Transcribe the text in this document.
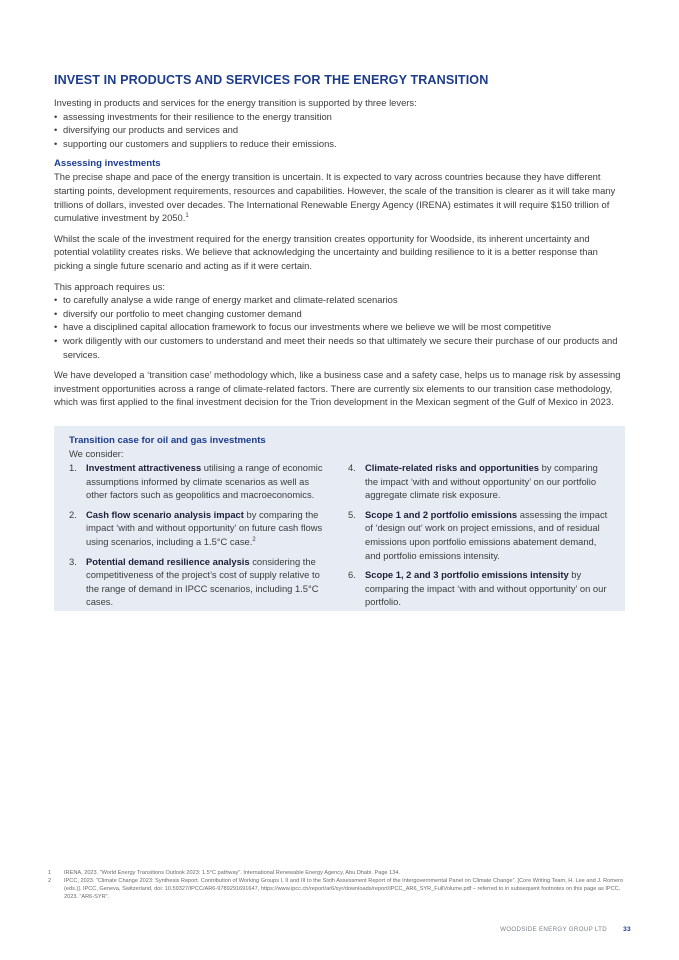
INVEST IN PRODUCTS AND SERVICES FOR THE ENERGY TRANSITION

Investing in products and services for the energy transition is supported by three levers:

• assessing investments for their resilience to the energy transition
• diversifying our products and services and
• supporting our customers and suppliers to reduce their emissions.
Assessing investments

The precise shape and pace of the energy transition is uncertain. It is expected to vary across countries because they have different starting points, development requirements, resources and capabilities. However, the scale of the transition is clearer as it will take many trillions of dollars, invested over decades. The International Renewable Energy Agency (IRENA) estimates it will require $150 trillion of cumulative investment by 2050.$^1$

Whilst the scale of the investment required for the energy transition creates opportunity for Woodside, its inherent uncertainty and potential volatility creates risks. We believe that acknowledging the uncertainty and building resilience to it is a better response than picking a single future scenario and acting as if it were certain.

This approach requires us:

• to carefully analyse a wide range of energy market and climate-related scenarios
• diversify our portfolio to meet changing customer demand
• have a disciplined capital allocation framework to focus our investments where we believe we will be most competitive
• work diligently with our customers to understand and meet their needs so that ultimately we secure their purchase of our products and services.

We have developed a ‘transition case’ methodology which, like a business case and a safety case, helps us to manage risk by assessing investment opportunities across a range of climate-related factors. There are currently six elements to our transition case methodology, which was first applied to the final investment decision for the Trion development in the Mexican segment of the Gulf of Mexico in 2023.

Transition case for oil and gas investments
We consider:
1. Investment attractiveness utilising a range of economic assumptions informed by climate scenarios as well as other factors such as geopolitics and macroeconomics.
2. Cash flow scenario analysis impact by comparing the impact ‘with and without opportunity’ on future cash flows using scenarios, including a 1.5°C case.$^2$
3. Potential demand resilience analysis considering the competitiveness of the project’s cost of supply relative to the range of demand in IPCC scenarios, including 1.5°C cases.
4. Climate-related risks and opportunities by comparing the impact ‘with and without opportunity’ on our portfolio aggregate climate risk exposure.
5. Scope 1 and 2 portfolio emissions assessing the impact of ‘design out’ work on project emissions, and of residual emissions upon portfolio emissions abatement demand, and portfolio emissions intensity.
6. Scope 1, 2 and 3 portfolio emissions intensity by comparing the impact ‘with and without opportunity’ on our portfolio.
1 IRENA, 2023. “World Energy Transitions Outlook 2023: 1.5°C pathway”. International Renewable Energy Agency, Abu Dhabi. Page 134.
2 IPCC, 2023. “Climate Change 2023: Synthesis Report. Contribution of Working Groups I, II and III to the Sixth Assessment Report of the Intergovernmental Panel on Climate Change”. [Core Writing Team, H. Lee and J. Romero (eds.)]. IPCC, Geneva, Switzerland, doi: 10.59327/IPCC/AR6-9789291691647, https://www.ipcc.ch/report/ar6/syr/downloads/report/IPCC_AR6_SYR_FullVolume.pdf – referred to in subsequent footnotes on this page as IPCC, 2023. “AR6-SYR”.
WOODSIDE ENERGY GROUP LTD 33
